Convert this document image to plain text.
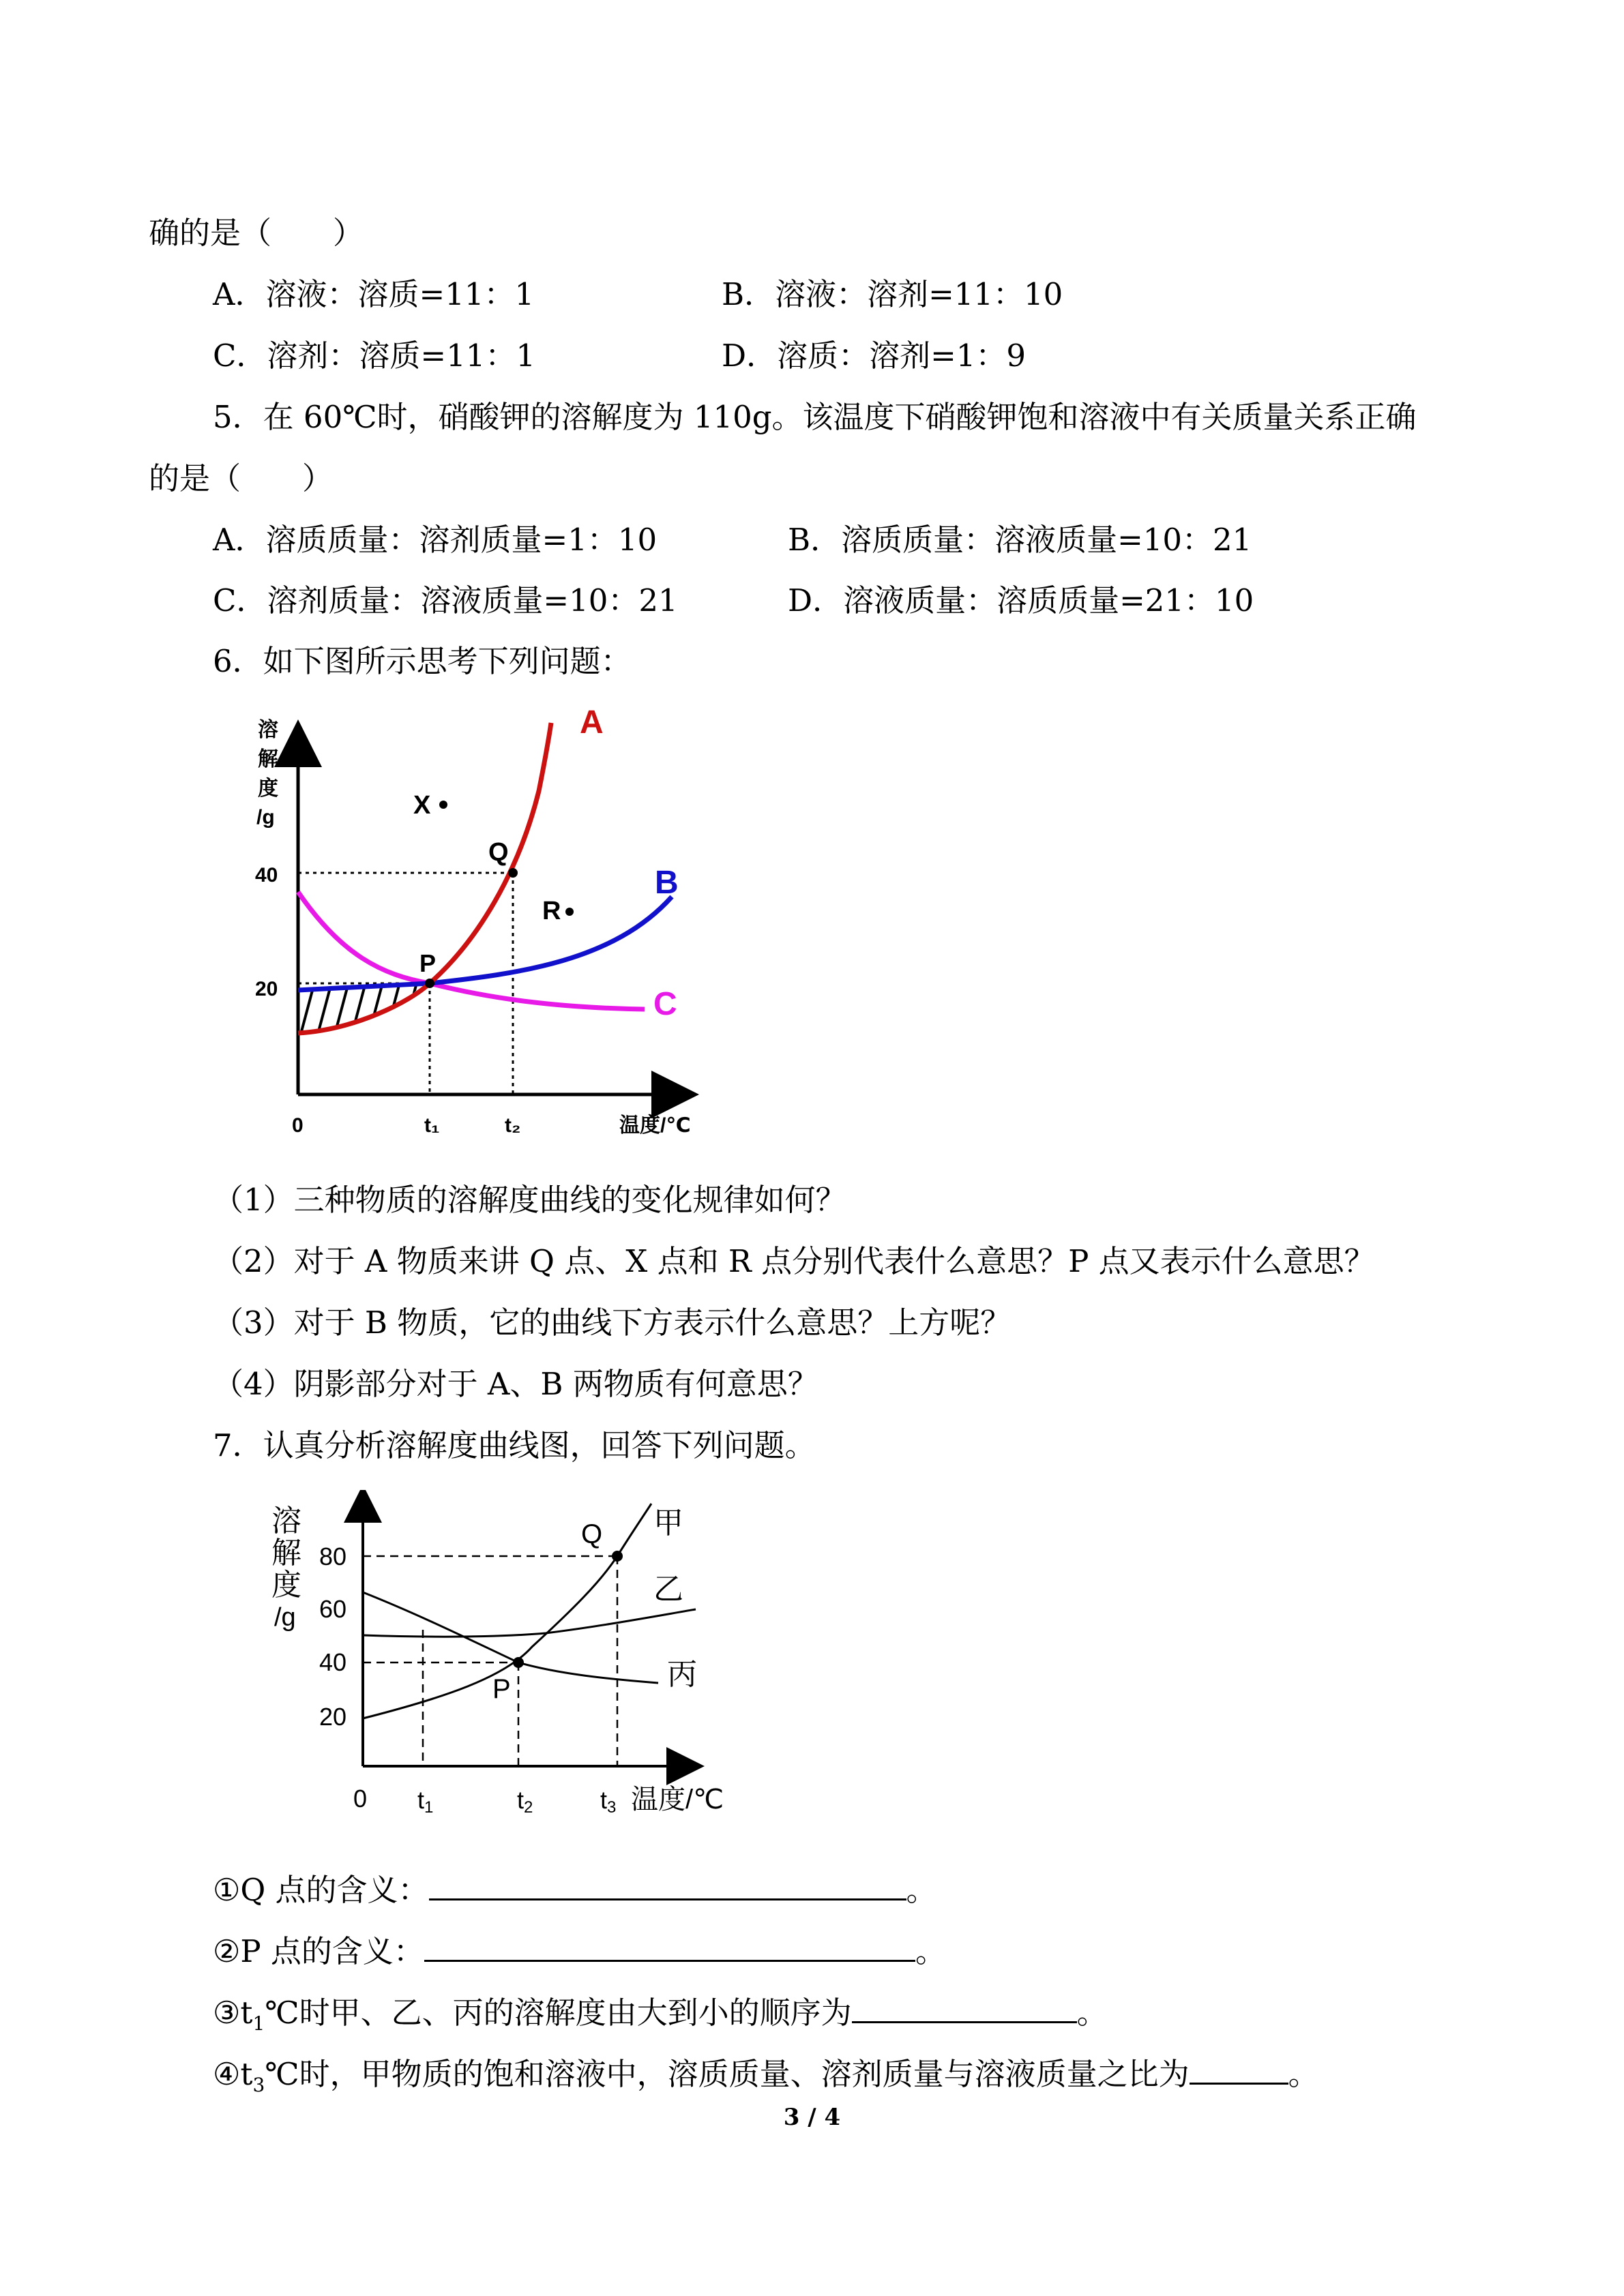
确的是（　　）
A．溶液：溶质=11：1	B．溶液：溶剂=11：10
C．溶剂：溶质=11：1	D．溶质：溶剂=1：9
5．在 60℃时，硝酸钾的溶解度为 110g。该温度下硝酸钾饱和溶液中有关质量关系正确
的是（　　）
A．溶质质量：溶剂质量=1：10	B．溶质质量：溶液质量=10：21
C．溶剂质量：溶液质量=10：21	D．溶液质量：溶质质量=21：10
6．如下图所示思考下列问题：
溶
解
度
/g
40
20
0	t₁	t₂	温度/℃
X
Q
R
P
A
B
C
（1）三种物质的溶解度曲线的变化规律如何？
（2）对于 A 物质来讲 Q 点、X 点和 R 点分别代表什么意思？P 点又表示什么意思？
（3）对于 B 物质，它的曲线下方表示什么意思？上方呢？
（4）阴影部分对于 A、B 两物质有何意思？
7．认真分析溶解度曲线图，回答下列问题。
溶
解
度
/g
80
60
40
20
0 t1	t2	t3 温度/℃
Q
P
甲
乙
丙
①Q 点的含义：	。
②P 点的含义：	。
$③t_1℃$时甲、乙、丙的溶解度由大到小的顺序为	。
$④t_3℃$时，甲物质的饱和溶液中，溶质质量、溶剂质量与溶液质量之比为	。
3 / 4
